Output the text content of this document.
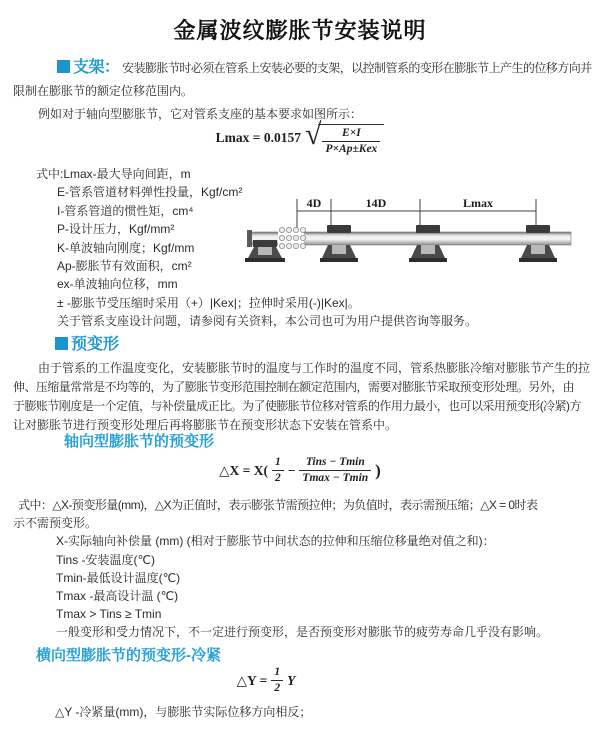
金属波纹膨胀节安装说明
支架： 安装膨胀节时必须在管系上安装必要的支架，以控制管系的变形在膨胀节上产生的位移方向并
限制在膨胀节的额定位移范围内。
例如对于轴向型膨胀节，它对管系支座的基本要求如图所示：
Lmax = 0.0157 √ $\frac{E\times I}{\text{P×Ap±Kex}}$
式中:Lmax-最大导向间距，m
E-管系管道材料弹性投量，Kgf/cm²
I-管系管道的惯性矩，cm⁴
P-设计压力，Kgf/mm²
K-单波轴向刚度；Kgf/mm
Ap-膨胀节有效面积，cm²
ex-单波轴向位移，mm
± -膨胀节受压缩时采用（+）|Kex|；拉伸时采用(-)|Kex|。
关于管系支座设计问题，请参阅有关资料，本公司也可为用户提供咨询等服务。
4D	14D	Lmax
预变形
由于管系的工作温度变化，安装膨胀节时的温度与工作时的温度不同，管系热膨胀冷缩对膨胀节产生的拉
伸、压缩量常常是不均等的，为了膨胀节变形范围控制在额定范围内，需要对膨胀节采取预变形处理。另外，由
于膨账节刚度是一个定值，与补偿量成正比。为了使膨胀节位移对管系的作用力最小，也可以采用预变形(冷紧)方
让对膨胀节进行预变形处理后再将膨胀节在预变形状态下安装在管系中。
轴向型膨胀节的预变形
△X = $X( \frac{1}{2} - \frac{\text{Tins − Tmin}}{Tmax - Tmin}$ )
式中：△X-预变形量(mm)，△X为正值时，表示膨张节需预拉伸；为负值时，表示需预压缩；△X = 0时表
示不需预变形。
X-实际轴向补偿量 (mm) (相对于膨胀节中间状态的拉伸和压缩位移量绝对值之和)：
Tins -安装温度(℃)
Tmin-最低设计温度(℃)
Tmax -最高设计温 (℃)
Tmax > Tins ≥ Tmin
一般变形和受力情况下，不一定进行预变形，是否预变形对膨胀节的疲劳寿命几乎没有影响。
横向型膨胀节的预变形-冷紧
△Y = $\frac{1}{2}$ Y
△Y -冷紧量(mm)，与膨胀节实际位移方向相反；
